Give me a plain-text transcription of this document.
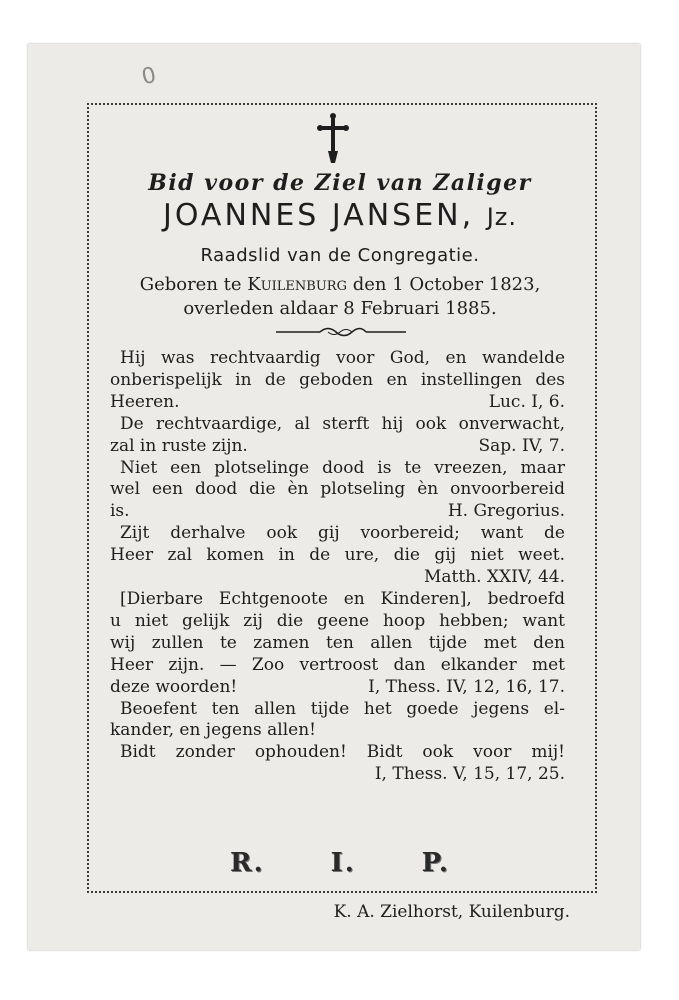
0
Bid voor de Ziel van Zaliger
JOANNES JANSEN, Jz.
Raadslid van de Congregatie.
Geboren te Kuilenburg den 1 October 1823,
overleden aldaar 8 Februari 1885.
Hij was rechtvaardig voor God, en wandelde
onberispelijk in de geboden en instellingen des
Heeren.	Luc. I, 6.
De rechtvaardige, al sterft hij ook onverwacht,
zal in ruste zijn.	Sap. IV, 7.
Niet een plotselinge dood is te vreezen, maar
wel een dood die èn plotseling èn onvoorbereid
is.	H. Gregorius.
Zijt derhalve ook gij voorbereid; want de
Heer zal komen in de ure, die gij niet weet.
Matth. XXIV, 44.
[Dierbare Echtgenoote en Kinderen], bedroefd
u niet gelijk zij die geene hoop hebben; want
wij zullen te zamen ten allen tijde met den
Heer zijn. — Zoo vertroost dan elkander met
deze woorden!	I, Thess. IV, 12, 16, 17.
Beoefent ten allen tijde het goede jegens el-
kander, en jegens allen!
Bidt zonder ophouden! Bidt ook voor mij!
I, Thess. V, 15, 17, 25.
R.	I.	P.
K. A. Zielhorst, Kuilenburg.
